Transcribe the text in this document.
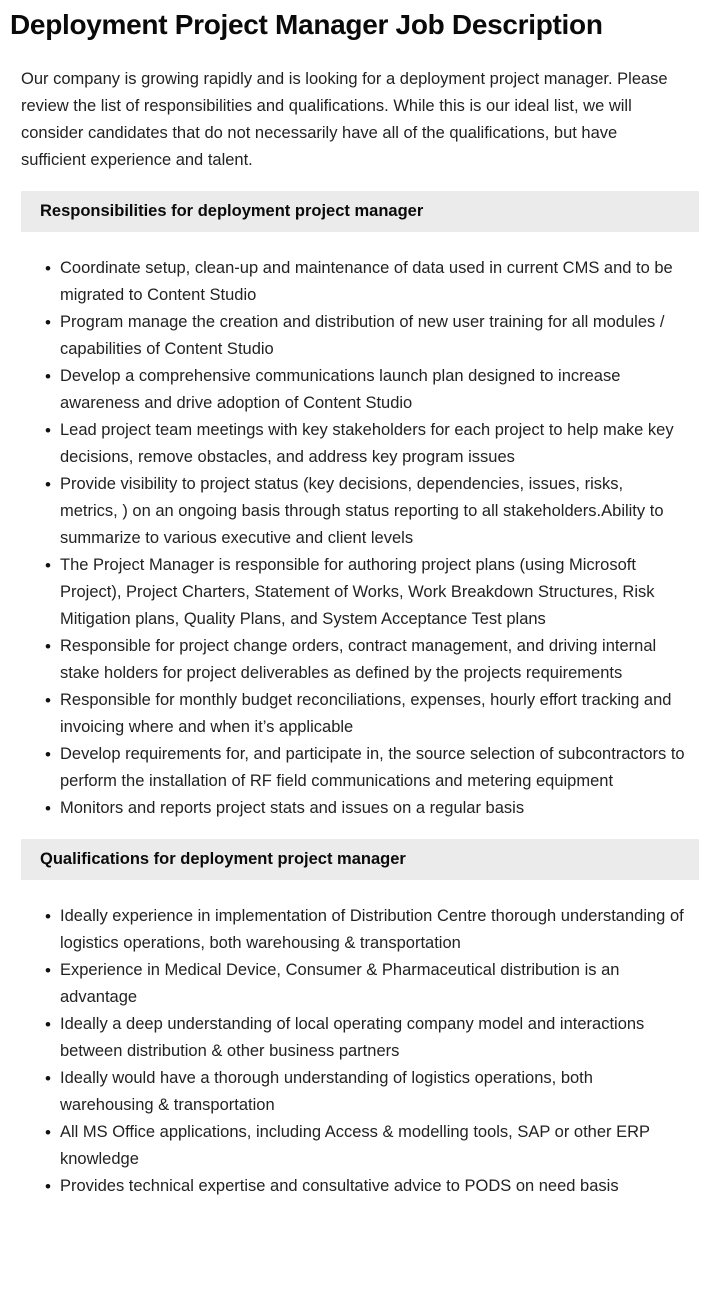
Deployment Project Manager Job Description

Our company is growing rapidly and is looking for a deployment project manager. Please review the list of responsibilities and qualifications. While this is our ideal list, we will consider candidates that do not necessarily have all of the qualifications, but have sufficient experience and talent.

Responsibilities for deployment project manager
• Coordinate setup, clean-up and maintenance of data used in current CMS and to be migrated to Content Studio
• Program manage the creation and distribution of new user training for all modules / capabilities of Content Studio
• Develop a comprehensive communications launch plan designed to increase awareness and drive adoption of Content Studio
• Lead project team meetings with key stakeholders for each project to help make key decisions, remove obstacles, and address key program issues
• Provide visibility to project status (key decisions, dependencies, issues, risks, metrics, ) on an ongoing basis through status reporting to all stakeholders.Ability to summarize to various executive and client levels
• The Project Manager is responsible for authoring project plans (using Microsoft Project), Project Charters, Statement of Works, Work Breakdown Structures, Risk Mitigation plans, Quality Plans, and System Acceptance Test plans
• Responsible for project change orders, contract management, and driving internal stake holders for project deliverables as defined by the projects requirements
• Responsible for monthly budget reconciliations, expenses, hourly effort tracking and invoicing where and when it’s applicable
• Develop requirements for, and participate in, the source selection of subcontractors to perform the installation of RF field communications and metering equipment
• Monitors and reports project stats and issues on a regular basis
Qualifications for deployment project manager
• Ideally experience in implementation of Distribution Centre thorough understanding of logistics operations, both warehousing & transportation
• Experience in Medical Device, Consumer & Pharmaceutical distribution is an advantage
• Ideally a deep understanding of local operating company model and interactions between distribution & other business partners
• Ideally would have a thorough understanding of logistics operations, both warehousing & transportation
• All MS Office applications, including Access & modelling tools, SAP or other ERP knowledge
• Provides technical expertise and consultative advice to PODS on need basis
